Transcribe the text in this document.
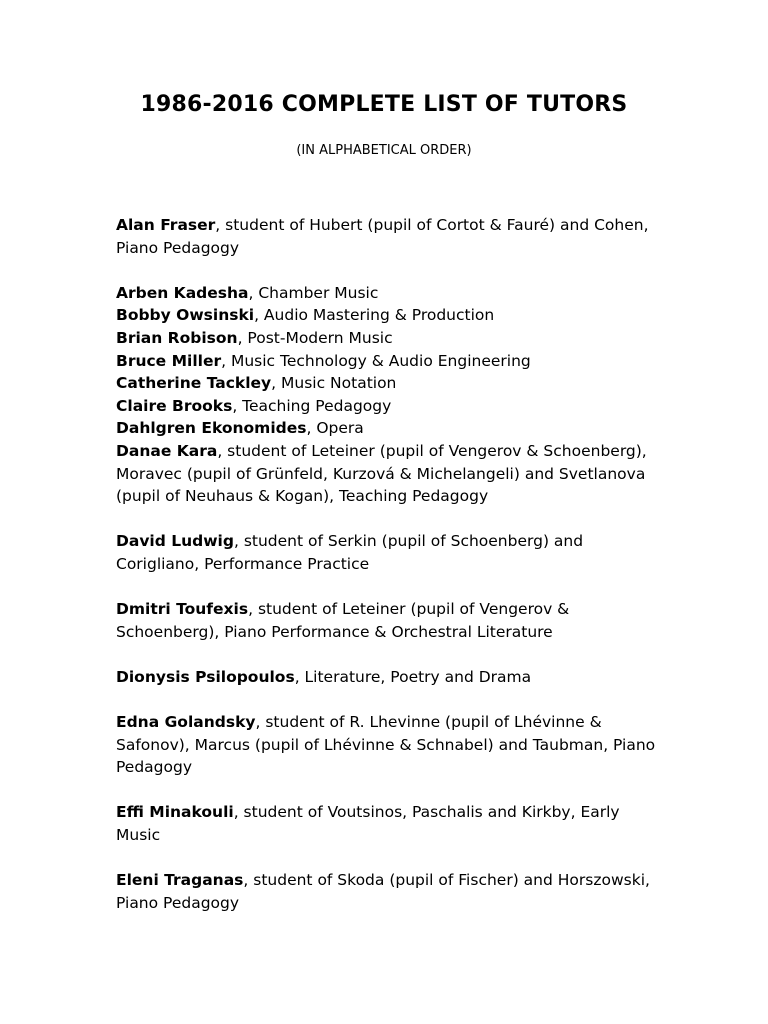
1986-2016 COMPLETE LIST OF TUTORS
(IN ALPHABETICAL ORDER)

Alan Fraser, student of Hubert (pupil of Cortot & Fauré) and Cohen, Piano Pedagogy

Arben Kadesha, Chamber Music

Bobby Owsinski, Audio Mastering & Production

Brian Robison, Post-Modern Music

Bruce Miller, Music Technology & Audio Engineering

Catherine Tackley, Music Notation

Claire Brooks, Teaching Pedagogy

Dahlgren Ekonomides, Opera

Danae Kara, student of Leteiner (pupil of Vengerov & Schoenberg), Moravec (pupil of Grünfeld, Kurzová & Michelangeli) and Svetlanova (pupil of Neuhaus & Kogan), Teaching Pedagogy

David Ludwig, student of Serkin (pupil of Schoenberg) and Corigliano, Performance Practice

Dmitri Toufexis, student of Leteiner (pupil of Vengerov & Schoenberg), Piano Performance & Orchestral Literature

Dionysis Psilopoulos, Literature, Poetry and Drama

Edna Golandsky, student of R. Lhevinne (pupil of Lhévinne & Safonov), Marcus (pupil of Lhévinne & Schnabel) and Taubman, Piano Pedagogy

Effi Minakouli, student of Voutsinos, Paschalis and Kirkby, Early Music

Eleni Traganas, student of Skoda (pupil of Fischer) and Horszowski, Piano Pedagogy
